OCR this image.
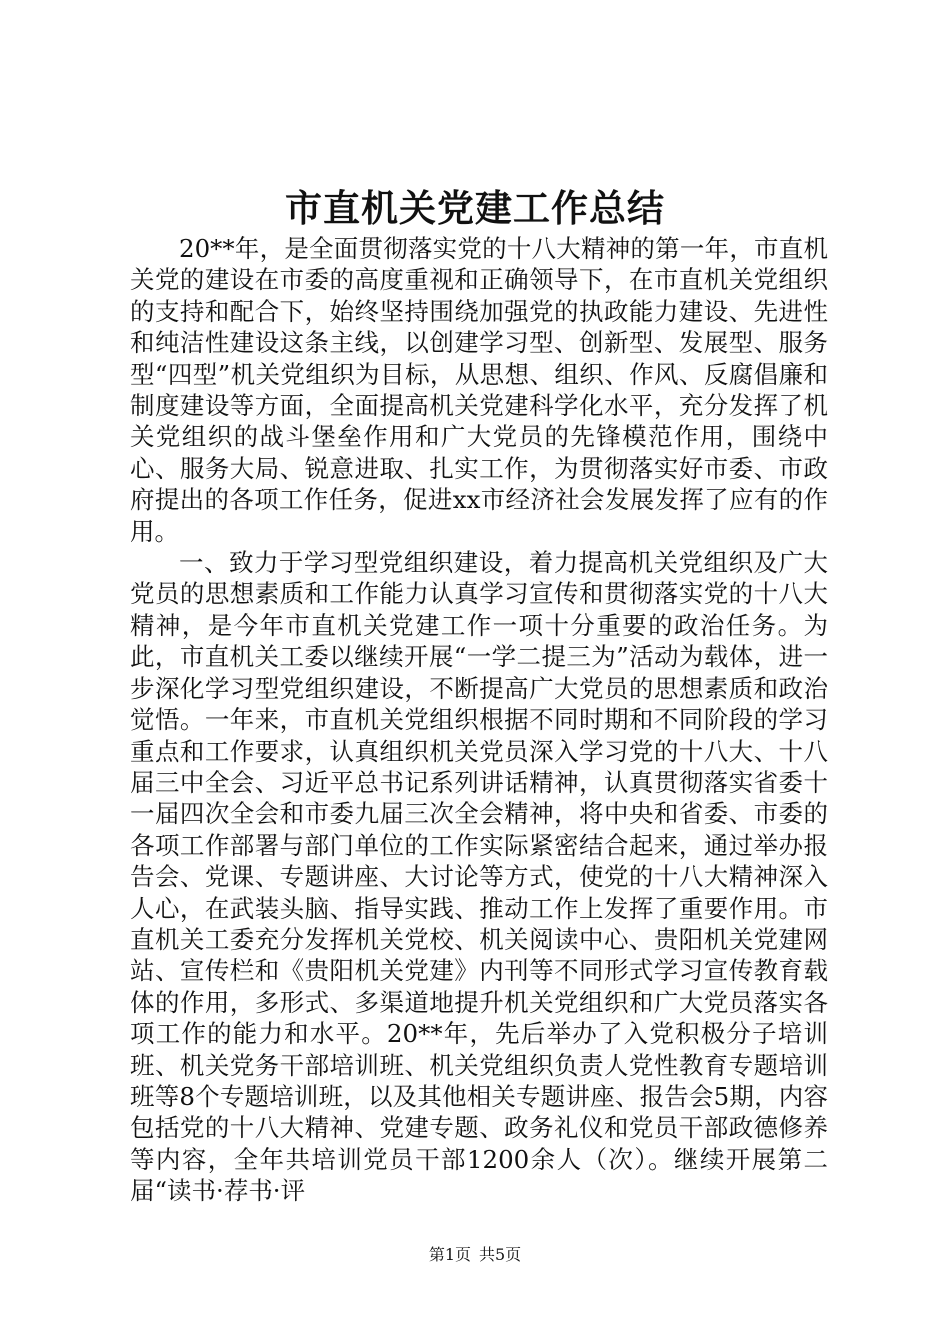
市直机关党建工作总结

20**年，是全面贯彻落实党的十八大精神的第一年，市直机关党的建设在市委的高度重视和正确领导下，在市直机关党组织的支持和配合下，始终坚持围绕加强党的执政能力建设、先进性和纯洁性建设这条主线，以创建学习型、创新型、发展型、服务型“四型”机关党组织为目标，从思想、组织、作风、反腐倡廉和制度建设等方面，全面提高机关党建科学化水平，充分发挥了机关党组织的战斗堡垒作用和广大党员的先锋模范作用，围绕中心、服务大局、锐意进取、扎实工作，为贯彻落实好市委、市政府提出的各项工作任务，促进xx市经济社会发展发挥了应有的作用。

一、致力于学习型党组织建设，着力提高机关党组织及广大党员的思想素质和工作能力认真学习宣传和贯彻落实党的十八大精神，是今年市直机关党建工作一项十分重要的政治任务。为此，市直机关工委以继续开展“一学二提三为”活动为载体，进一步深化学习型党组织建设，不断提高广大党员的思想素质和政治觉悟。一年来，市直机关党组织根据不同时期和不同阶段的学习重点和工作要求，认真组织机关党员深入学习党的十八大、十八届三中全会、习近平总书记系列讲话精神，认真贯彻落实省委十一届四次全会和市委九届三次全会精神，将中央和省委、市委的各项工作部署与部门单位的工作实际紧密结合起来，通过举办报告会、党课、专题讲座、大讨论等方式，使党的十八大精神深入人心，在武装头脑、指导实践、推动工作上发挥了重要作用。市直机关工委充分发挥机关党校、机关阅读中心、贵阳机关党建网站、宣传栏和《贵阳机关党建》内刊等不同形式学习宣传教育载体的作用，多形式、多渠道地提升机关党组织和广大党员落实各项工作的能力和水平。20**年，先后举办了入党积极分子培训班、机关党务干部培训班、机关党组织负责人党性教育专题培训班等8个专题培训班，以及其他相关专题讲座、报告会5期，内容包括党的十八大精神、党建专题、政务礼仪和党员干部政德修养等内容，全年共培训党员干部1200余人（次）。继续开展第二届“读书·荐书·评

第1页 共5页
